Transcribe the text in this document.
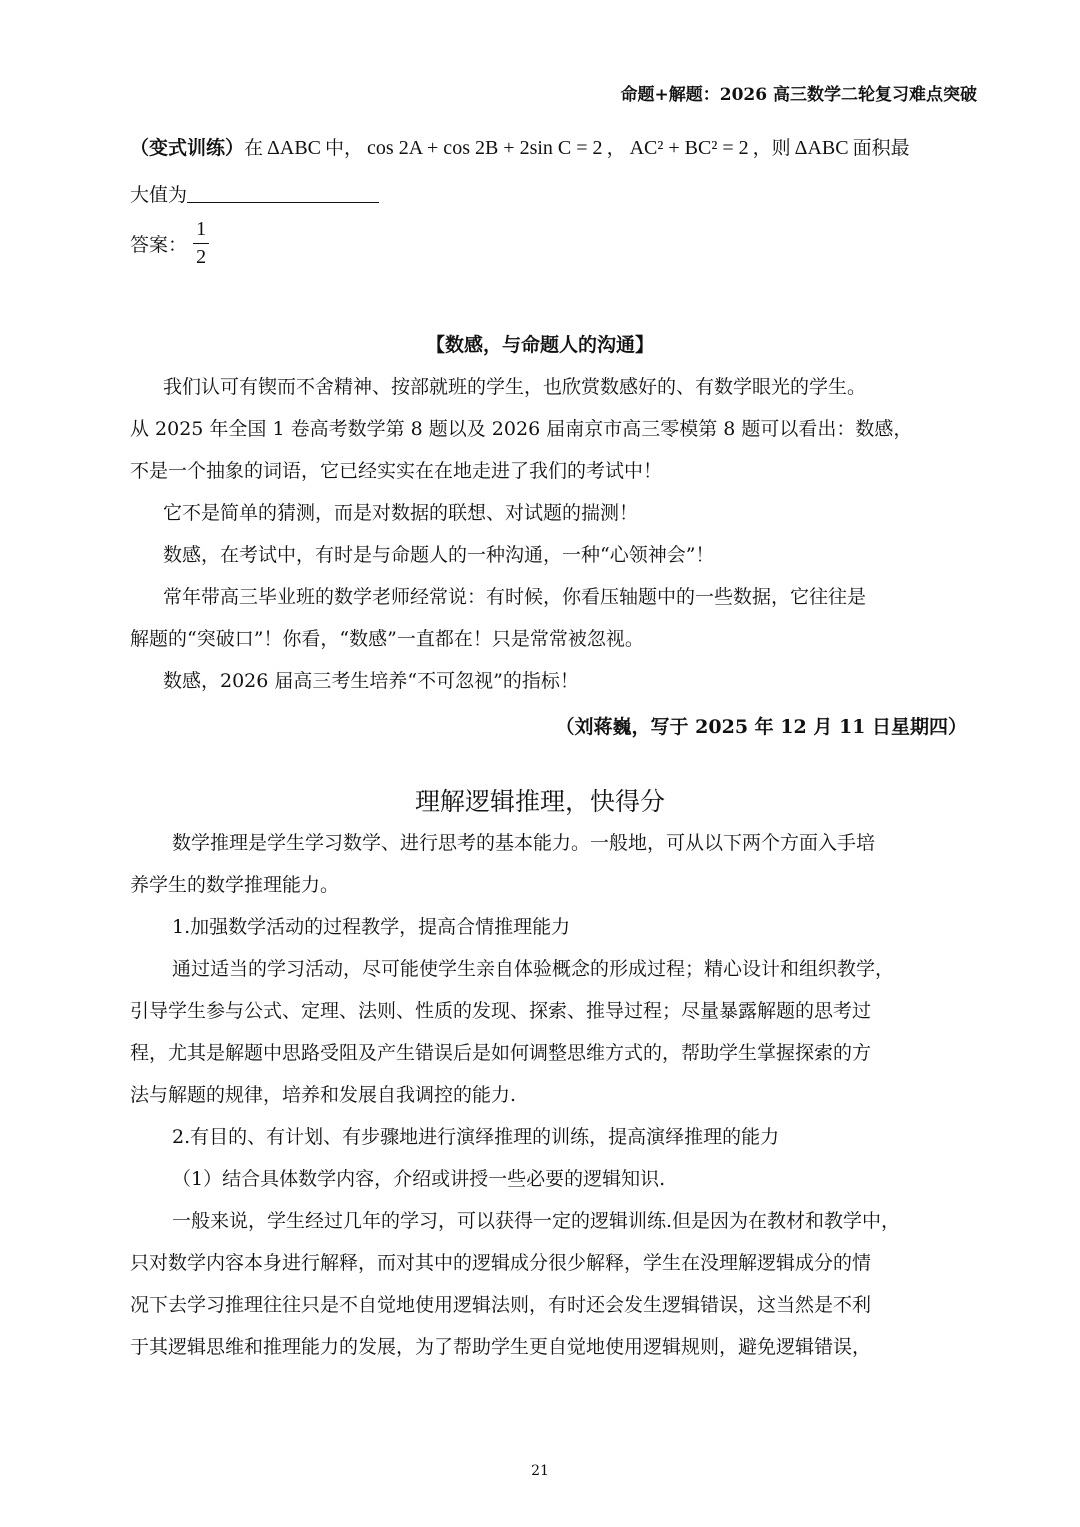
命题+解题：2026 高三数学二轮复习难点突破
（变式训练）在 ΔABC 中， cos 2A + cos 2B + 2sin C = 2 ， AC² + BC² = 2 ，则 ΔABC 面积最
大值为
答案： $\frac{1}{2}$
【数感，与命题人的沟通】
我们认可有锲而不舍精神、按部就班的学生，也欣赏数感好的、有数学眼光的学生。
从 2025 年全国 1 卷高考数学第 8 题以及 2026 届南京市高三零模第 8 题可以看出：数感，
不是一个抽象的词语，它已经实实在在地走进了我们的考试中！
它不是简单的猜测，而是对数据的联想、对试题的揣测！
数感，在考试中，有时是与命题人的一种沟通，一种“心领神会”！
常年带高三毕业班的数学老师经常说：有时候，你看压轴题中的一些数据，它往往是
解题的“突破口”！你看，“数感”一直都在！只是常常被忽视。
数感，2026 届高三考生培养“不可忽视”的指标！
（刘蒋巍，写于 2025 年 12 月 11 日星期四）
理解逻辑推理，快得分
数学推理是学生学习数学、进行思考的基本能力。一般地，可从以下两个方面入手培
养学生的数学推理能力。
1.加强数学活动的过程教学，提高合情推理能力
通过适当的学习活动，尽可能使学生亲自体验概念的形成过程；精心设计和组织教学，
引导学生参与公式、定理、法则、性质的发现、探索、推导过程；尽量暴露解题的思考过
程，尤其是解题中思路受阻及产生错误后是如何调整思维方式的，帮助学生掌握探索的方
法与解题的规律，培养和发展自我调控的能力.
2.有目的、有计划、有步骤地进行演绎推理的训练，提高演绎推理的能力
（1）结合具体数学内容，介绍或讲授一些必要的逻辑知识.
一般来说，学生经过几年的学习，可以获得一定的逻辑训练.但是因为在教材和教学中，
只对数学内容本身进行解释，而对其中的逻辑成分很少解释，学生在没理解逻辑成分的情
况下去学习推理往往只是不自觉地使用逻辑法则，有时还会发生逻辑错误，这当然是不利
于其逻辑思维和推理能力的发展，为了帮助学生更自觉地使用逻辑规则，避免逻辑错误，
21
